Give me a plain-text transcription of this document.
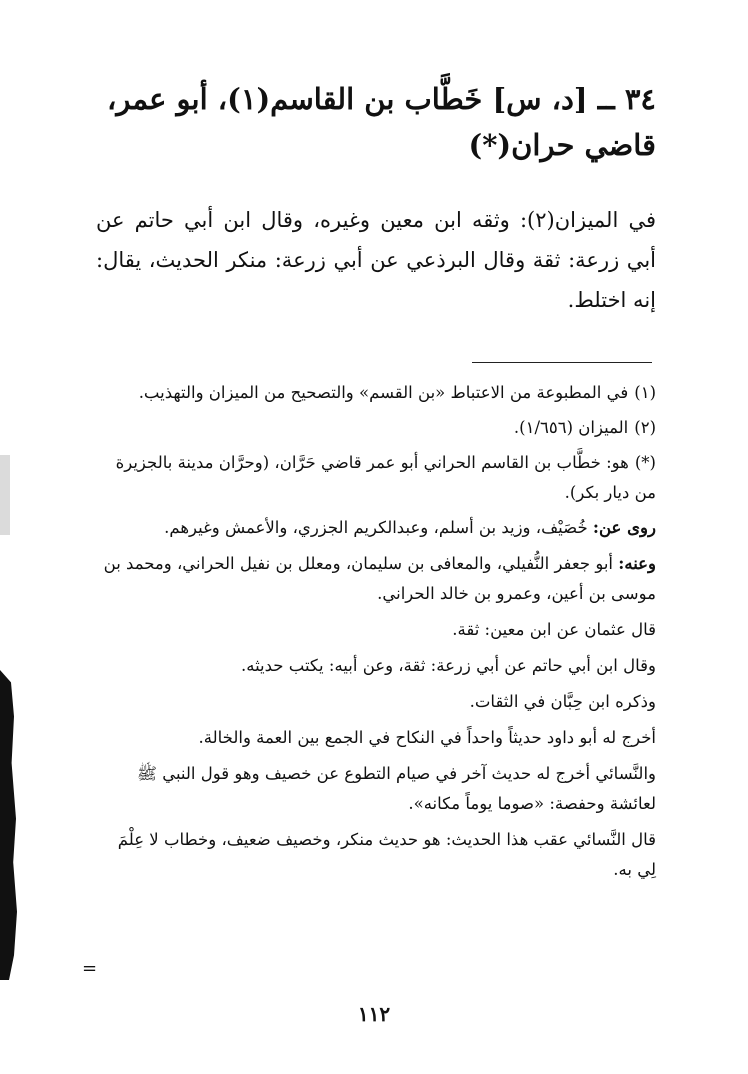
٣٤ ــ [د، س] خَطَّاب بن القاسم(١)، أبو عمر،
قاضي حران(*)
في الميزان(٢): وثقه ابن معين وغيره، وقال ابن أبي حاتم عن أبي زرعة: ثقة وقال البرذعي عن أبي زرعة: منكر الحديث، يقال: إنه اختلط.

(١)في المطبوعة من الاعتباط «بن القسم» والتصحيح من الميزان والتهذيب.

(٢)الميزان (١/٦٥٦).

(*)هو: خطَّاب بن القاسم الحراني أبو عمر قاضي حَرَّان، (وحرَّان مدينة بالجزيرة من ديار بكر).

روى عن: خُصَيْف، وزيد بن أسلم، وعبدالكريم الجزري، والأعمش وغيرهم.

وعنه: أبو جعفر النُّفيلي، والمعافى بن سليمان، ومعلل بن نفيل الحراني، ومحمد بن موسى بن أعين، وعمرو بن خالد الحراني.

قال عثمان عن ابن معين: ثقة.

وقال ابن أبي حاتم عن أبي زرعة: ثقة، وعن أبيه: يكتب حديثه.

وذكره ابن حِبَّان في الثقات.

أخرج له أبو داود حديثاً واحداً في النكاح في الجمع بين العمة والخالة.

والنَّسائي أخرج له حديث آخر في صيام التطوع عن خصيف وهو قول النبي ﷺ لعائشة وحفصة: «صوما يوماً مكانه».

قال النَّسائي عقب هذا الحديث: هو حديث منكر، وخصيف ضعيف، وخطاب لا عِلْمَ لِي به.

=
١١٢
